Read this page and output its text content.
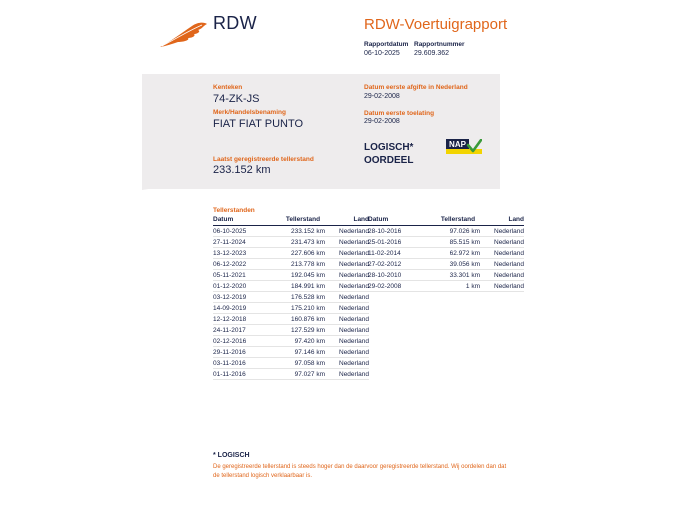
RDW	RDW-Voertuigrapport
Rapportdatum
06-10-2025
Rapportnummer
29.609.362
Kenteken
74-ZK-JS
Merk/Handelsbenaming
FIAT FIAT PUNTO
Laatst geregistreerde tellerstand
233.152 km
Datum eerste afgifte in Nederland
29-02-2008
Datum eerste toelating
29-02-2008
LOGISCH*
OORDEEL
NAP
Tellerstanden
Datum	Tellerstand	Land
06-10-2025	233.152 km	Nederland
27-11-2024	231.473 km	Nederland
13-12-2023	227.606 km	Nederland
06-12-2022	213.778 km	Nederland
05-11-2021	192.045 km	Nederland
01-12-2020	184.991 km	Nederland
03-12-2019	176.528 km	Nederland
14-09-2019	175.210 km	Nederland
12-12-2018	160.876 km	Nederland
24-11-2017	127.529 km	Nederland
02-12-2016	97.420 km	Nederland
29-11-2016	97.146 km	Nederland
03-11-2016	97.058 km	Nederland
01-11-2016	97.027 km	Nederland
Datum	Tellerstand	Land
28-10-2016	97.026 km	Nederland
25-01-2016	85.515 km	Nederland
11-02-2014	62.972 km	Nederland
27-02-2012	39.056 km	Nederland
28-10-2010	33.301 km	Nederland
29-02-2008	1 km	Nederland
* LOGISCH
De geregistreerde tellerstand is steeds hoger dan de daarvoor geregistreerde tellerstand. Wij oordelen dan dat de tellerstand logisch verklaarbaar is.
